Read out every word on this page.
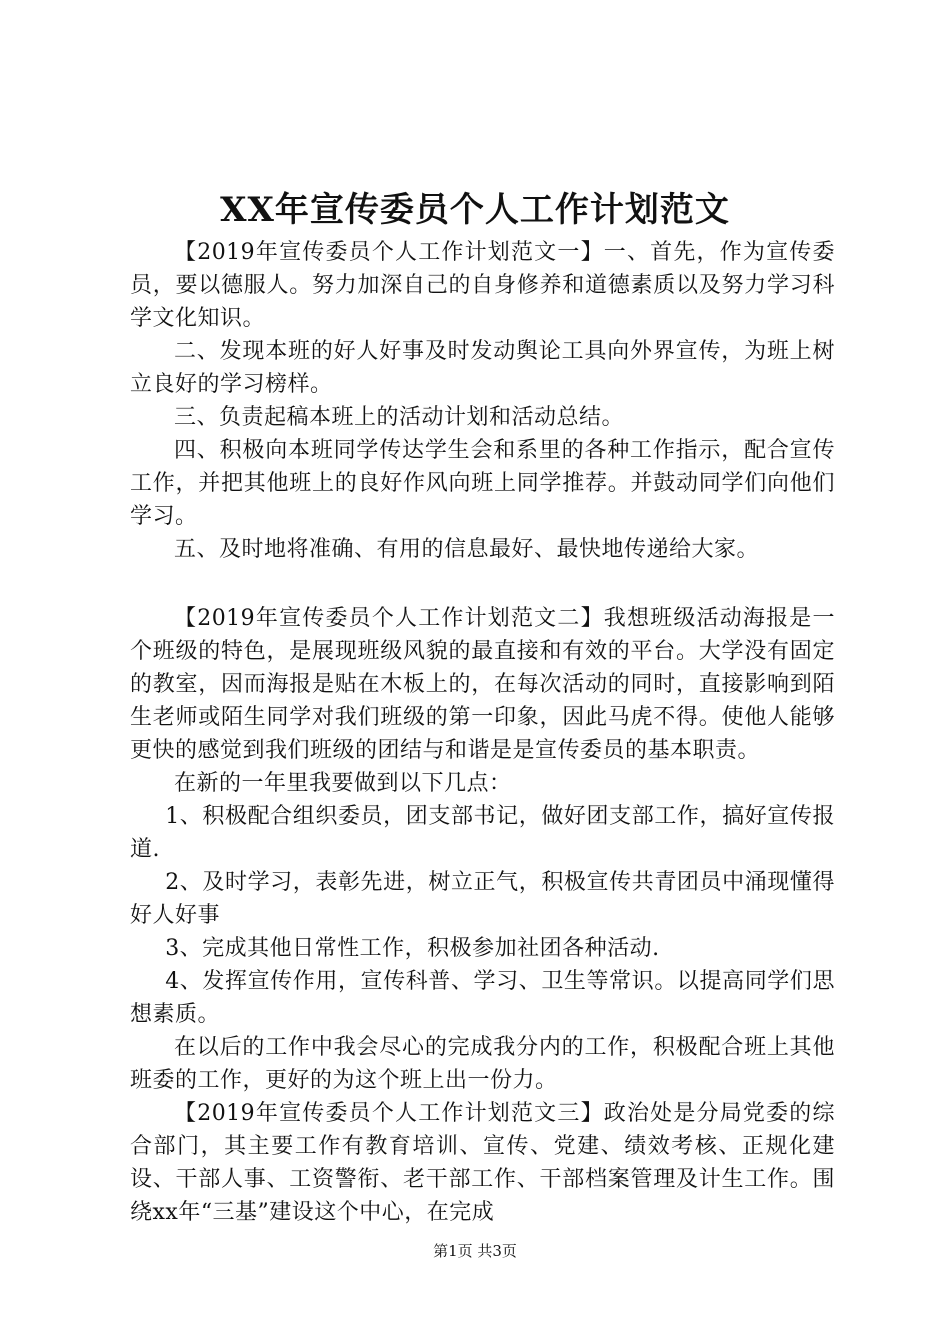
XX年宣传委员个人工作计划范文

【2019年宣传委员个人工作计划范文一】一、首先，作为宣传委员，要以德服人。努力加深自己的自身修养和道德素质以及努力学习科学文化知识。

二、发现本班的好人好事及时发动舆论工具向外界宣传，为班上树立良好的学习榜样。

三、负责起稿本班上的活动计划和活动总结。

四、积极向本班同学传达学生会和系里的各种工作指示，配合宣传工作，并把其他班上的良好作风向班上同学推荐。并鼓动同学们向他们学习。

五、及时地将准确、有用的信息最好、最快地传递给大家。

【2019年宣传委员个人工作计划范文二】我想班级活动海报是一个班级的特色，是展现班级风貌的最直接和有效的平台。大学没有固定的教室，因而海报是贴在木板上的，在每次活动的同时，直接影响到陌生老师或陌生同学对我们班级的第一印象，因此马虎不得。使他人能够更快的感觉到我们班级的团结与和谐是是宣传委员的基本职责。

在新的一年里我要做到以下几点：

1、积极配合组织委员，团支部书记，做好团支部工作，搞好宣传报道.

2、及时学习，表彰先进，树立正气，积极宣传共青团员中涌现懂得好人好事

3、完成其他日常性工作，积极参加社团各种活动.

4、发挥宣传作用，宣传科普、学习、卫生等常识。以提高同学们思想素质。

在以后的工作中我会尽心的完成我分内的工作，积极配合班上其他班委的工作，更好的为这个班上出一份力。

【2019年宣传委员个人工作计划范文三】政治处是分局党委的综合部门，其主要工作有教育培训、宣传、党建、绩效考核、正规化建设、干部人事、工资警衔、老干部工作、干部档案管理及计生工作。围绕xx年“三基”建设这个中心，在完成

第1页 共3页
